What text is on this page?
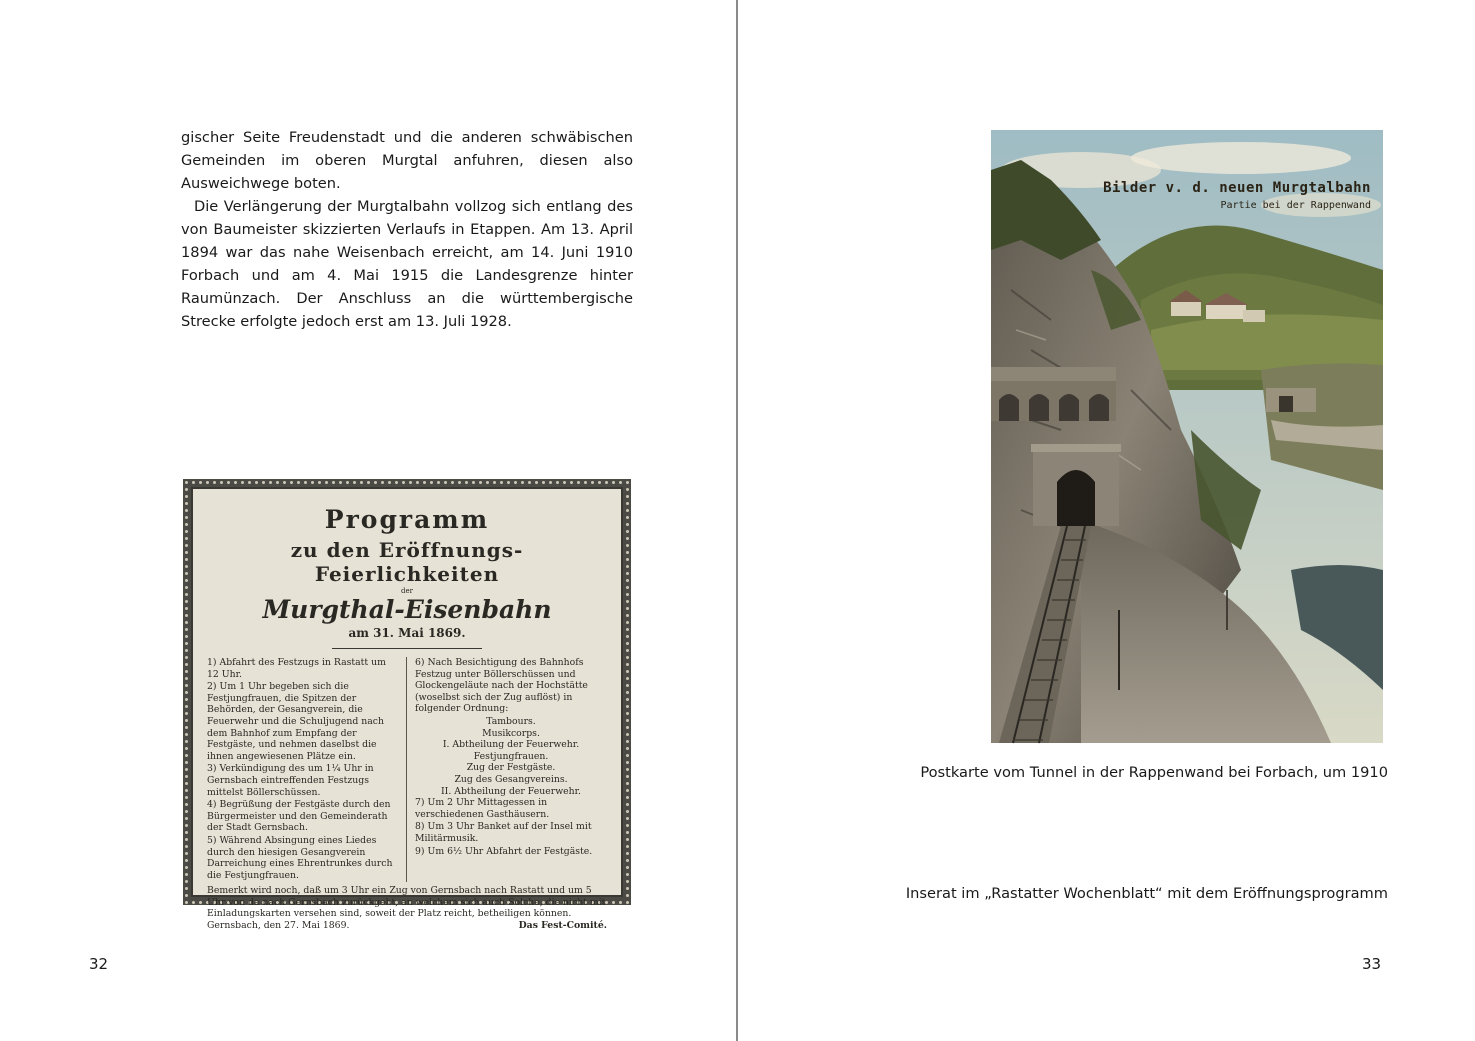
gischer Seite Freudenstadt und die anderen schwäbischen Gemeinden im oberen Murgtal anfuhren, diesen also Ausweichwege boten.

Die Verlängerung der Murgtalbahn vollzog sich entlang des von Baumeister skizzierten Verlaufs in Etappen. Am 13. April 1894 war das nahe Weisenbach erreicht, am 14. Juni 1910 Forbach und am 4. Mai 1915 die Landesgrenze hinter Raumünzach. Der Anschluss an die württembergische Strecke erfolgte jedoch erst am 13. Juli 1928.

Programm
zu den Eröffnungs-Feierlichkeiten
der
Murgthal-Eisenbahn
am 31. Mai 1869.

1) Abfahrt des Festzugs in Rastatt um 12 Uhr.

2) Um 1 Uhr begeben sich die Festjungfrauen, die Spitzen der Behörden, der Gesangverein, die Feuerwehr und die Schuljugend nach dem Bahnhof zum Empfang der Festgäste, und nehmen daselbst die ihnen angewiesenen Plätze ein.

3) Verkündigung des um 1¼ Uhr in Gernsbach eintreffenden Festzugs mittelst Böllerschüssen.

4) Begrüßung der Festgäste durch den Bürgermeister und den Gemeinderath der Stadt Gernsbach.

5) Während Absingung eines Liedes durch den hiesigen Gesangverein Darreichung eines Ehrentrunkes durch die Festjungfrauen.

6) Nach Besichtigung des Bahnhofs Festzug unter Böllerschüssen und Glockengeläute nach der Hochstätte (woselbst sich der Zug auflöst) in folgender Ordnung:

Tambours.

Musikcorps.

I. Abtheilung der Feuerwehr.

Festjungfrauen.

Zug der Festgäste.

Zug des Gesangvereins.

II. Abtheilung der Feuerwehr.

7) Um 2 Uhr Mittagessen in verschiedenen Gasthäusern.

8) Um 3 Uhr Banket auf der Insel mit Militärmusik.

9) Um 6½ Uhr Abfahrt der Festgäste.

Bemerkt wird noch, daß um 3 Uhr ein Zug von Gernsbach nach Rastatt und um 5 Uhr von da nach Gernsbach zurückgeht, an welchem sich auch Solche, die nicht mit Einladungskarten versehen sind, soweit der Platz reicht, betheiligen können.

Gernsbach, den 27. Mai 1869.	Das Fest-Comité.
32
Bilder v. d. neuen Murgtalbahn
Partie bei der Rappenwand
Postkarte vom Tunnel in der Rappenwand bei Forbach, um 1910
Inserat im „Rastatter Wochenblatt“ mit dem Eröffnungsprogramm
33
